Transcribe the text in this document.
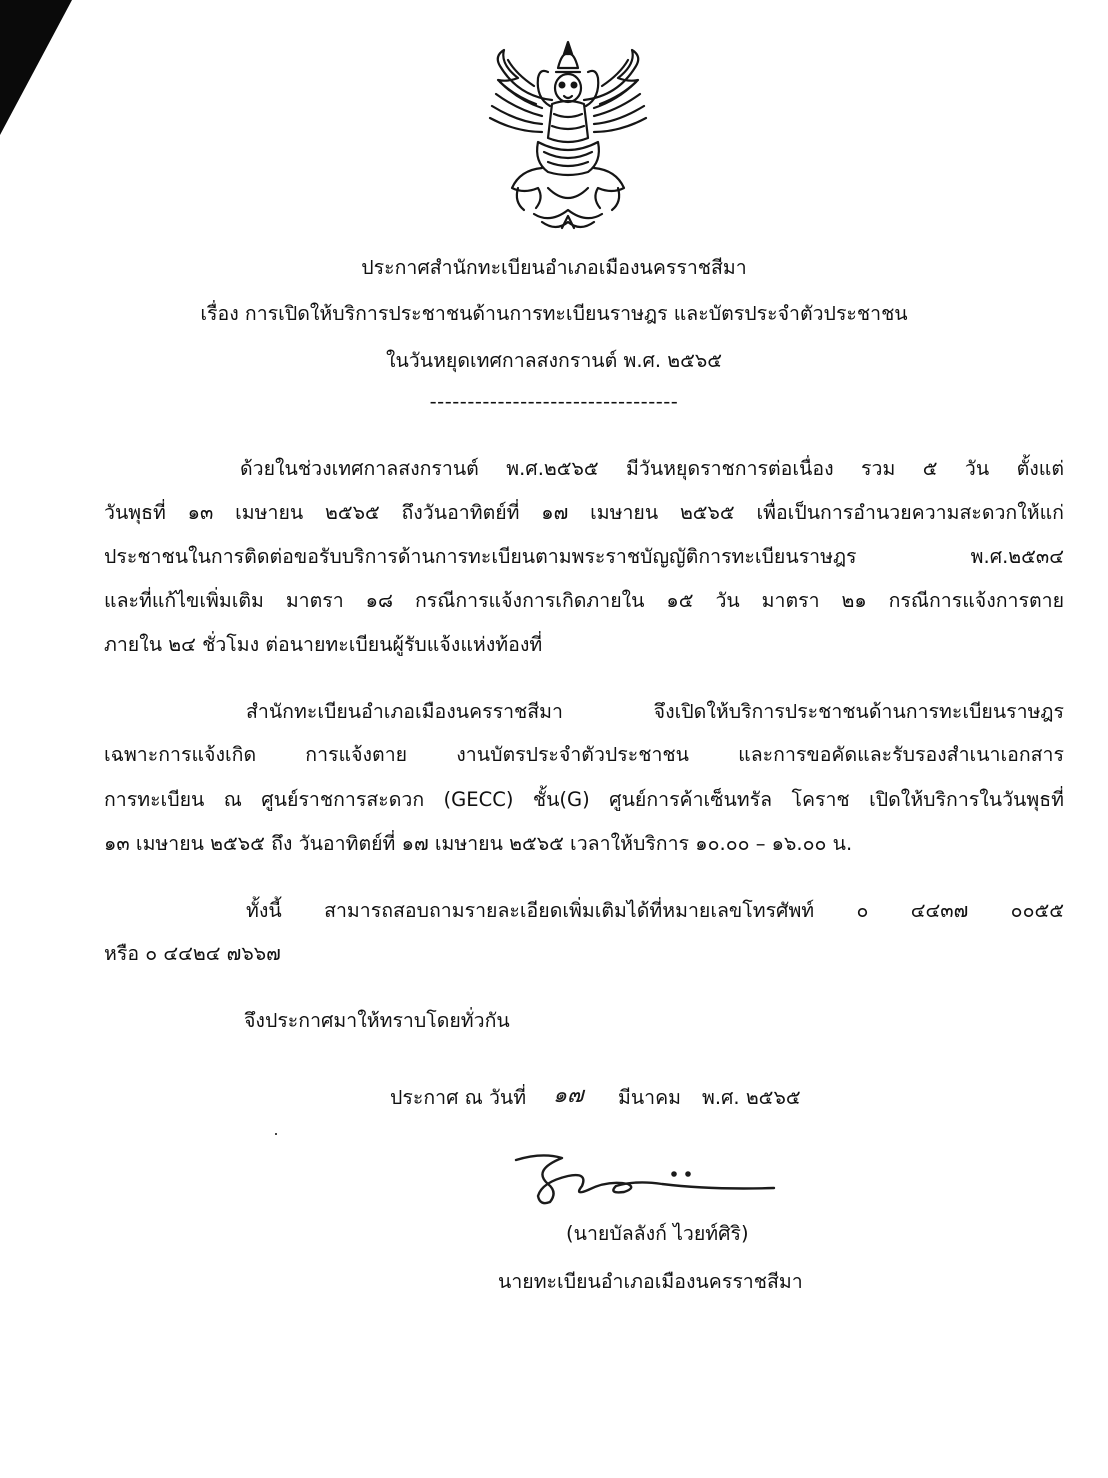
ประกาศสำนักทะเบียนอำเภอเมืองนครราชสีมา
เรื่อง การเปิดให้บริการประชาชนด้านการทะเบียนราษฎร และบัตรประจำตัวประชาชน
ในวันหยุดเทศกาลสงกรานต์ พ.ศ. ๒๕๖๕
---------------------------------
ด้วยในช่วงเทศกาลสงกรานต์ พ.ศ.๒๕๖๕ มีวันหยุดราชการต่อเนื่อง รวม ๕ วัน ตั้งแต่
วันพุธที่ ๑๓ เมษายน ๒๕๖๕ ถึงวันอาทิตย์ที่ ๑๗ เมษายน ๒๕๖๕ เพื่อเป็นการอำนวยความสะดวกให้แก่
ประชาชนในการติดต่อขอรับบริการด้านการทะเบียนตามพระราชบัญญัติการทะเบียนราษฎร พ.ศ.๒๕๓๔
และที่แก้ไขเพิ่มเติม มาตรา ๑๘ กรณีการแจ้งการเกิดภายใน ๑๕ วัน มาตรา ๒๑ กรณีการแจ้งการตาย
ภายใน ๒๔ ชั่วโมง ต่อนายทะเบียนผู้รับแจ้งแห่งท้องที่
สำนักทะเบียนอำเภอเมืองนครราชสีมา จึงเปิดให้บริการประชาชนด้านการทะเบียนราษฎร
เฉพาะการแจ้งเกิด การแจ้งตาย งานบัตรประจำตัวประชาชน และการขอคัดและรับรองสำเนาเอกสาร
การทะเบียน ณ ศูนย์ราชการสะดวก (GECC) ชั้น(G) ศูนย์การค้าเซ็นทรัล โคราช เปิดให้บริการในวันพุธที่
๑๓ เมษายน ๒๕๖๕ ถึง วันอาทิตย์ที่ ๑๗ เมษายน ๒๕๖๕ เวลาให้บริการ ๑๐.๐๐ – ๑๖.๐๐ น.
ทั้งนี้ สามารถสอบถามรายละเอียดเพิ่มเติมได้ที่หมายเลขโทรศัพท์ ๐ ๔๔๓๗ ๐๐๕๕
หรือ ๐ ๔๔๒๔ ๗๖๖๗
จึงประกาศมาให้ทราบโดยทั่วกัน
ประกาศ ณ วันที่ ๑๗ มีนาคม พ.ศ. ๒๕๖๕
(นายบัลลังก์ ไวยท์ศิริ)
นายทะเบียนอำเภอเมืองนครราชสีมา
